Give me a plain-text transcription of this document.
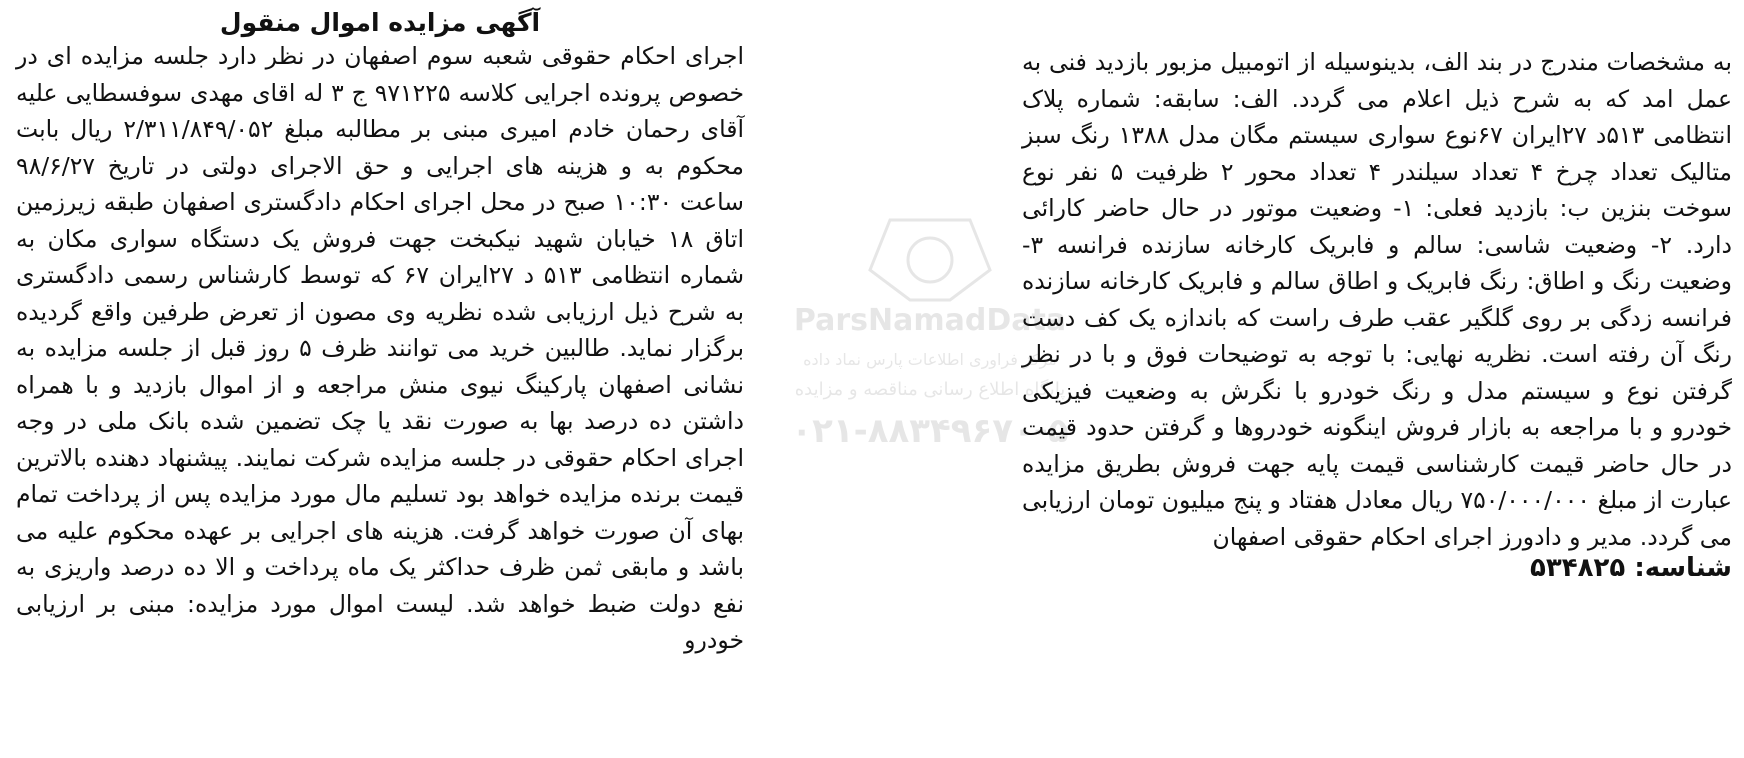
ParsNamadData
مرکز فراوری اطلاعات پارس نماد داده
پایگاه اطلاع رسانی مناقصه و مزایده
۰۲۱-۸۸۳۴۹۶۷۰-۵
آگهی مزایده اموال منقول
اجرای احکام حقوقی شعبه سوم اصفهان در نظر دارد جلسه مزایده ای در خصوص پرونده اجرایی کلاسه ۹۷۱۲۲۵ ج ۳ له اقای مهدی سوفسطایی علیه آقای رحمان خادم امیری مبنی بر مطالبه مبلغ ۲/۳۱۱/۸۴۹/۰۵۲ ریال بابت محکوم به و هزینه های اجرایی و حق الاجرای دولتی در تاریخ ۹۸/۶/۲۷ ساعت ۱۰:۳۰ صبح در محل اجرای احکام دادگستری اصفهان طبقه زیرزمین اتاق ۱۸ خیابان شهید نیکبخت جهت فروش یک دستگاه سواری مکان به شماره انتظامی ۵۱۳ د ۲۷ایران ۶۷ که توسط کارشناس رسمی دادگستری به شرح ذیل ارزیابی شده نظریه وی مصون از تعرض طرفین واقع گردیده برگزار نماید. طالبین خرید می توانند ظرف ۵ روز قبل از جلسه مزایده به نشانی اصفهان پارکینگ نیوی منش مراجعه و از اموال بازدید و با همراه داشتن ده درصد بها به صورت نقد یا چک تضمین شده بانک ملی در وجه اجرای احکام حقوقی در جلسه مزایده شرکت نمایند. پیشنهاد دهنده بالاترین قیمت برنده مزایده خواهد بود تسلیم مال مورد مزایده پس از پرداخت تمام بهای آن صورت خواهد گرفت. هزینه های اجرایی بر عهده محکوم علیه می باشد و مابقی ثمن ظرف حداکثر یک ماه پرداخت و الا ده درصد واریزی به نفع دولت ضبط خواهد شد. لیست اموال مورد مزایده: مبنی بر ارزیابی خودرو
به مشخصات مندرج در بند الف، بدینوسیله از اتومبیل مزبور بازدید فنی به عمل امد که به شرح ذیل اعلام می گردد. الف: سابقه: شماره پلاک انتظامی ۵۱۳د ۲۷ایران ۶۷نوع سواری سیستم مگان مدل ۱۳۸۸ رنگ سبز متالیک تعداد چرخ ۴ تعداد سیلندر ۴ تعداد محور ۲ ظرفیت ۵ نفر نوع سوخت بنزین ب: بازدید فعلی: ۱- وضعیت موتور در حال حاضر کارائی دارد. ۲- وضعیت شاسی: سالم و فابریک کارخانه سازنده فرانسه ۳- وضعیت رنگ و اطاق: رنگ فابریک و اطاق سالم و فابریک کارخانه سازنده فرانسه زدگی بر روی گلگیر عقب طرف راست که باندازه یک کف دست رنگ آن رفته است. نظریه نهایی: با توجه به توضیحات فوق و با در نظر گرفتن نوع و سیستم مدل و رنگ خودرو با نگرش به وضعیت فیزیکی خودرو و با مراجعه به بازار فروش اینگونه خودروها و گرفتن حدود قیمت در حال حاضر قیمت کارشناسی قیمت پایه جهت فروش بطریق مزایده عبارت از مبلغ ۷۵۰/۰۰۰/۰۰۰ ریال معادل هفتاد و پنج میلیون تومان ارزیابی می گردد. مدیر و دادورز اجرای احکام حقوقی اصفهان
شناسه: ۵۳۴۸۲۵
